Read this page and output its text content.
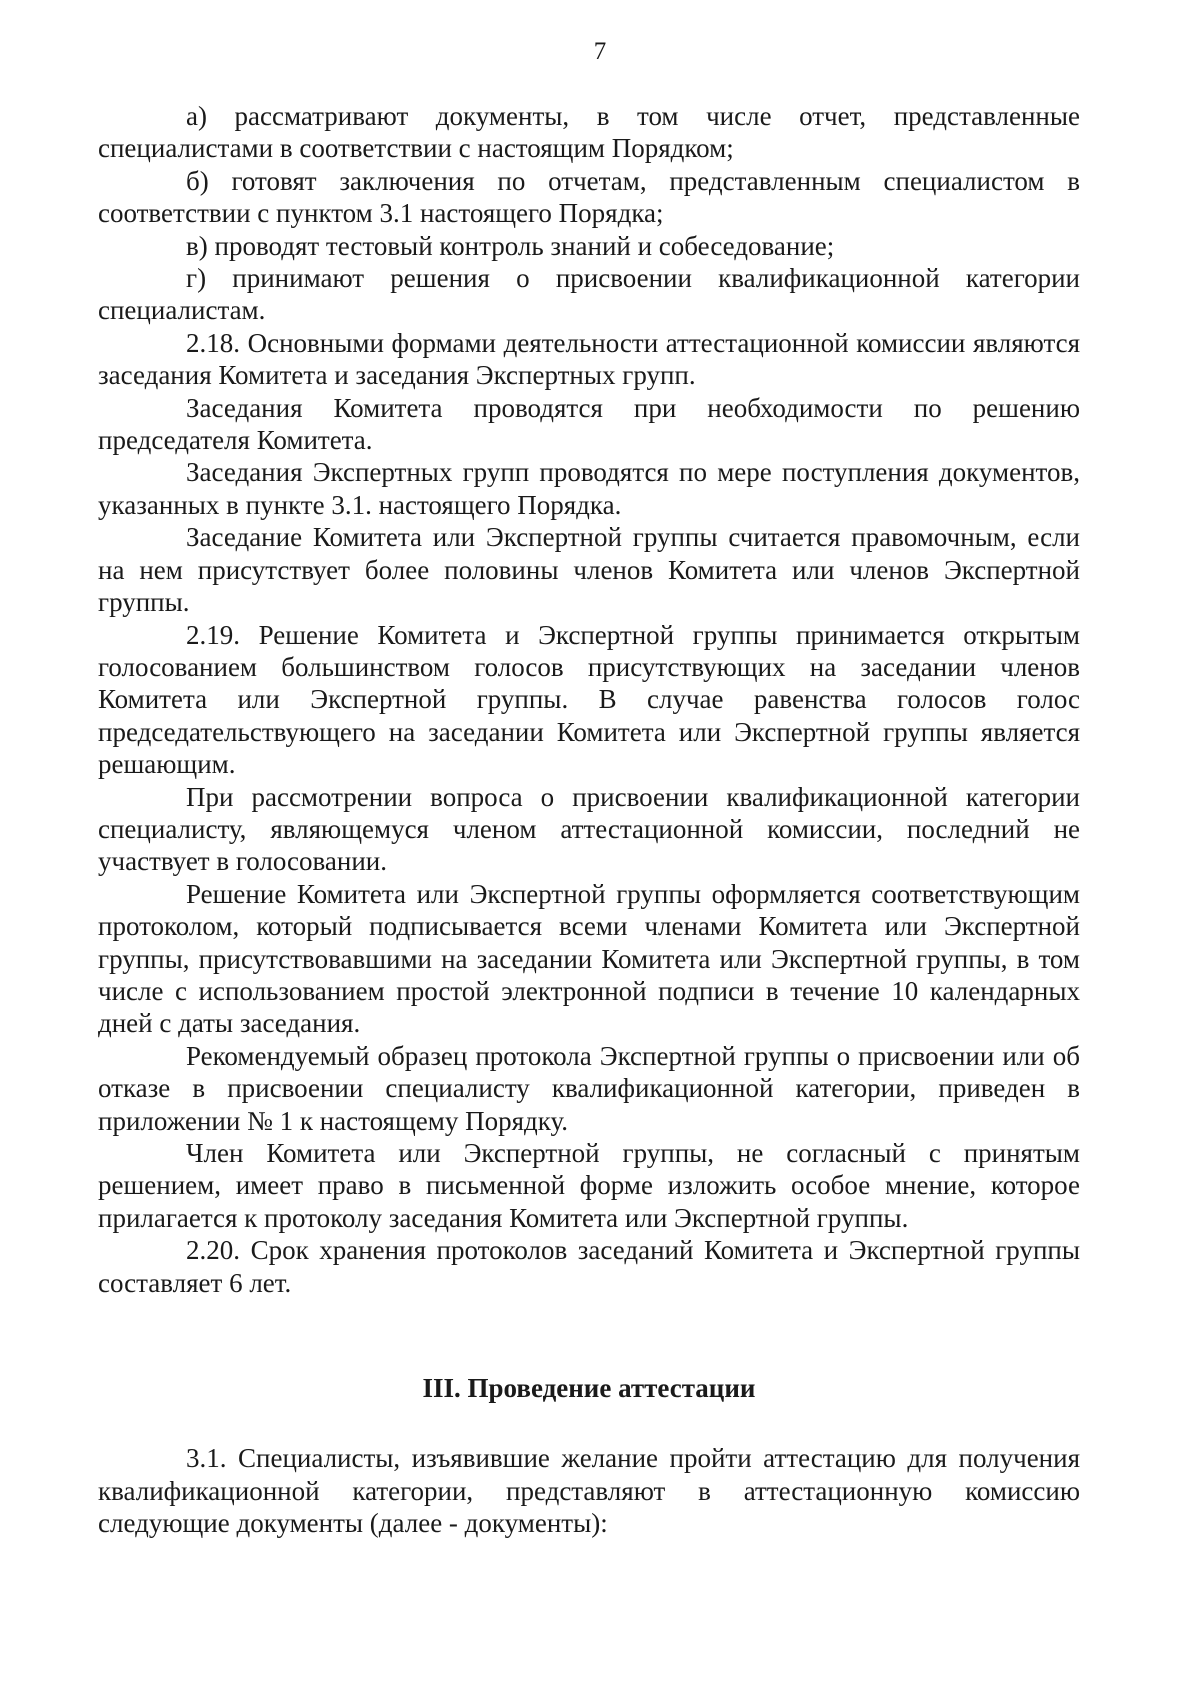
7

а) рассматривают документы, в том числе отчет, представленные специалистами в соответствии с настоящим Порядком;

б) готовят заключения по отчетам, представленным специалистом в соответствии с пунктом 3.1 настоящего Порядка;

в) проводят тестовый контроль знаний и собеседование;

г) принимают решения о присвоении квалификационной категории специалистам.

2.18. Основными формами деятельности аттестационной комиссии являются заседания Комитета и заседания Экспертных групп.

Заседания Комитета проводятся при необходимости по решению председателя Комитета.

Заседания Экспертных групп проводятся по мере поступления документов, указанных в пункте 3.1. настоящего Порядка.

Заседание Комитета или Экспертной группы считается правомочным, если на нем присутствует более половины членов Комитета или членов Экспертной группы.

2.19. Решение Комитета и Экспертной группы принимается открытым голосованием большинством голосов присутствующих на заседании членов Комитета или Экспертной группы. В случае равенства голосов голос председательствующего на заседании Комитета или Экспертной группы является решающим.

При рассмотрении вопроса о присвоении квалификационной категории специалисту, являющемуся членом аттестационной комиссии, последний не участвует в голосовании.

Решение Комитета или Экспертной группы оформляется соответствующим протоколом, который подписывается всеми членами Комитета или Экспертной группы, присутствовавшими на заседании Комитета или Экспертной группы, в том числе с использованием простой электронной подписи в течение 10 календарных дней с даты заседания.

Рекомендуемый образец протокола Экспертной группы о присвоении или об отказе в присвоении специалисту квалификационной категории, приведен в приложении № 1 к настоящему Порядку.

Член Комитета или Экспертной группы, не согласный с принятым решением, имеет право в письменной форме изложить особое мнение, которое прилагается к протоколу заседания Комитета или Экспертной группы.

2.20. Срок хранения протоколов заседаний Комитета и Экспертной группы составляет 6 лет.

III. Проведение аттестации

3.1. Специалисты, изъявившие желание пройти аттестацию для получения квалификационной категории, представляют в аттестационную комиссию следующие документы (далее - документы):
